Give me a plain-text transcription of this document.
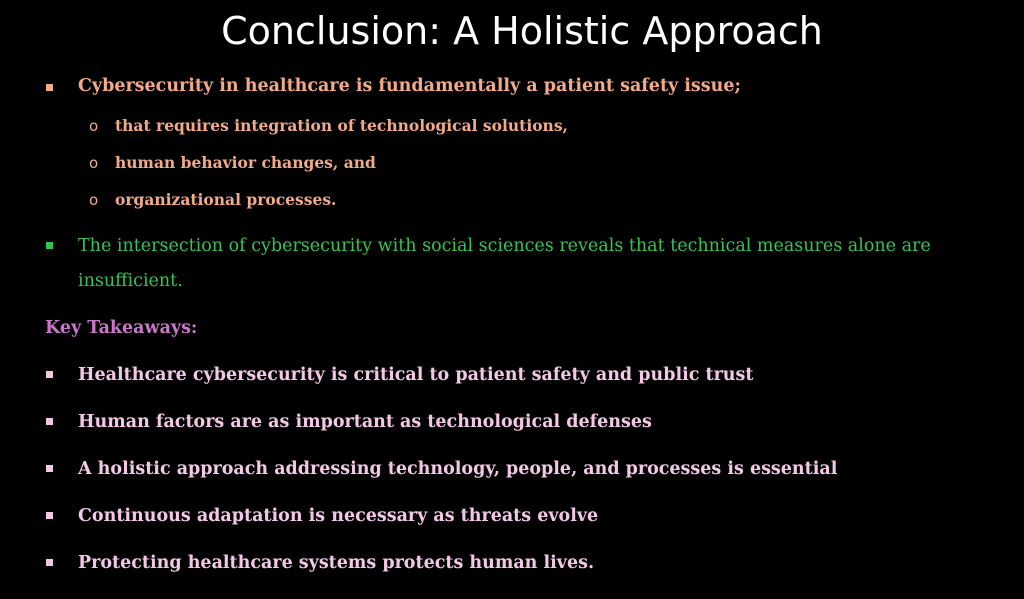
Conclusion: A Holistic Approach
Cybersecurity in healthcare is fundamentally a patient safety issue;
o that requires integration of technological solutions,
o human behavior changes, and
o organizational processes.
The intersection of cybersecurity with social sciences reveals that technical measures alone are insufficient.
Key Takeaways:
Healthcare cybersecurity is critical to patient safety and public trust
Human factors are as important as technological defenses
A holistic approach addressing technology, people, and processes is essential
Continuous adaptation is necessary as threats evolve
Protecting healthcare systems protects human lives.
